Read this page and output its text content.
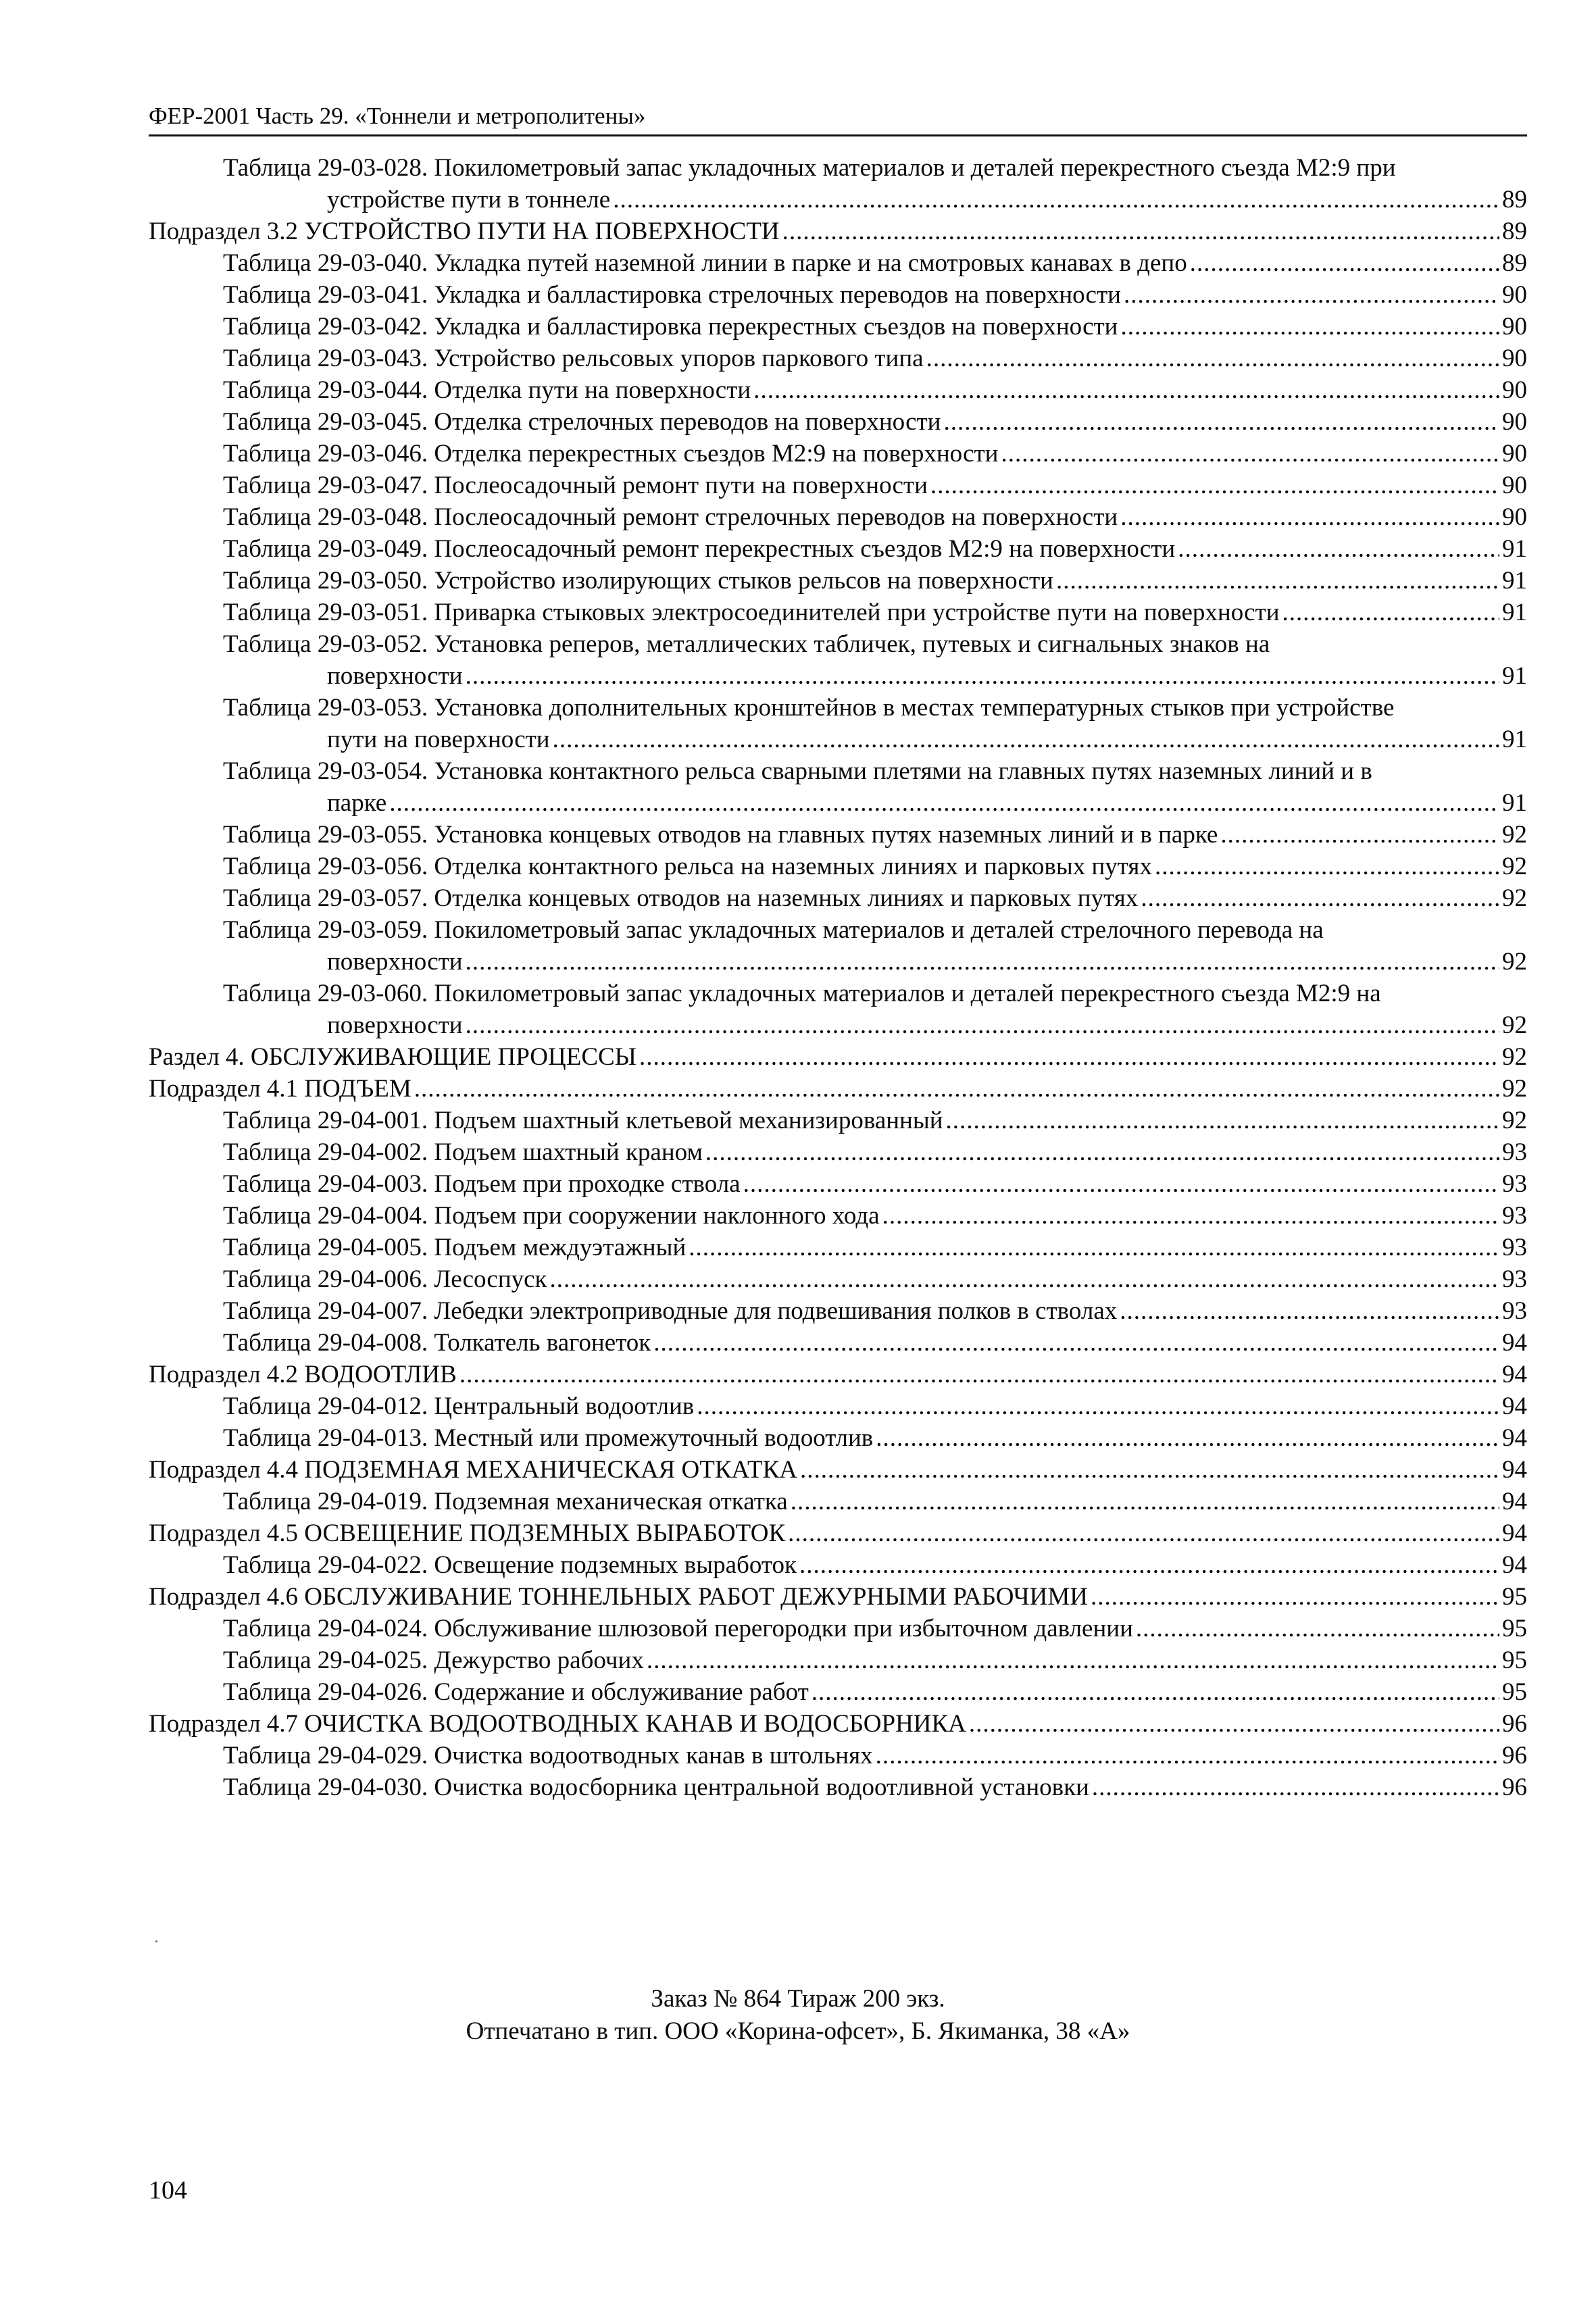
ФЕР-2001 Часть 29. «Тоннели и метрополитены»
Таблица 29-03-028. Покилометровый запас укладочных материалов и деталей перекрестного съезда М2:9 при
устройстве пути в тоннеле .....	89
Подраздел 3.2 УСТРОЙСТВО ПУТИ НА ПОВЕРХНОСТИ .....	89
Таблица 29-03-040. Укладка путей наземной линии в парке и на смотровых канавах в депо .....	89
Таблица 29-03-041. Укладка и балластировка стрелочных переводов на поверхности .....	90
Таблица 29-03-042. Укладка и балластировка перекрестных съездов на поверхности .....	90
Таблица 29-03-043. Устройство рельсовых упоров паркового типа .....	90
Таблица 29-03-044. Отделка пути на поверхности .....	90
Таблица 29-03-045. Отделка стрелочных переводов на поверхности .....	90
Таблица 29-03-046. Отделка перекрестных съездов М2:9 на поверхности .....	90
Таблица 29-03-047. Послеосадочный ремонт пути на поверхности .....	90
Таблица 29-03-048. Послеосадочный ремонт стрелочных переводов на поверхности .....	90
Таблица 29-03-049. Послеосадочный ремонт перекрестных съездов М2:9 на поверхности .....	91
Таблица 29-03-050. Устройство изолирующих стыков рельсов на поверхности .....	91
Таблица 29-03-051. Приварка стыковых электросоединителей при устройстве пути на поверхности .....	91
Таблица 29-03-052. Установка реперов, металлических табличек, путевых и сигнальных знаков на
поверхности .....	91
Таблица 29-03-053. Установка дополнительных кронштейнов в местах температурных стыков при устройстве
пути на поверхности .....	91
Таблица 29-03-054. Установка контактного рельса сварными плетями на главных путях наземных линий и в
парке .....	91
Таблица 29-03-055. Установка концевых отводов на главных путях наземных линий и в парке .....	92
Таблица 29-03-056. Отделка контактного рельса на наземных линиях и парковых путях .....	92
Таблица 29-03-057. Отделка концевых отводов на наземных линиях и парковых путях .....	92
Таблица 29-03-059. Покилометровый запас укладочных материалов и деталей стрелочного перевода на
поверхности .....	92
Таблица 29-03-060. Покилометровый запас укладочных материалов и деталей перекрестного съезда М2:9 на
поверхности .....	92
Раздел 4. ОБСЛУЖИВАЮЩИЕ ПРОЦЕССЫ .....	92
Подраздел 4.1 ПОДЪЕМ .....	92
Таблица 29-04-001. Подъем шахтный клетьевой механизированный .....	92
Таблица 29-04-002. Подъем шахтный краном .....	93
Таблица 29-04-003. Подъем при проходке ствола .....	93
Таблица 29-04-004. Подъем при сооружении наклонного хода .....	93
Таблица 29-04-005. Подъем междуэтажный .....	93
Таблица 29-04-006. Лесоспуск .....	93
Таблица 29-04-007. Лебедки электроприводные для подвешивания полков в стволах .....	93
Таблица 29-04-008. Толкатель вагонеток .....	94
Подраздел 4.2 ВОДООТЛИВ .....	94
Таблица 29-04-012. Центральный водоотлив .....	94
Таблица 29-04-013. Местный или промежуточный водоотлив .....	94
Подраздел 4.4 ПОДЗЕМНАЯ МЕХАНИЧЕСКАЯ ОТКАТКА .....	94
Таблица 29-04-019. Подземная механическая откатка .....	94
Подраздел 4.5 ОСВЕЩЕНИЕ ПОДЗЕМНЫХ ВЫРАБОТОК .....	94
Таблица 29-04-022. Освещение подземных выработок .....	94
Подраздел 4.6 ОБСЛУЖИВАНИЕ ТОННЕЛЬНЫХ РАБОТ ДЕЖУРНЫМИ РАБОЧИМИ .....	95
Таблица 29-04-024. Обслуживание шлюзовой перегородки при избыточном давлении .....	95
Таблица 29-04-025. Дежурство рабочих .....	95
Таблица 29-04-026. Содержание и обслуживание работ .....	95
Подраздел 4.7 ОЧИСТКА ВОДООТВОДНЫХ КАНАВ И ВОДОСБОРНИКА .....	96
Таблица 29-04-029. Очистка водоотводных канав в штольнях .....	96
Таблица 29-04-030. Очистка водосборника центральной водоотливной установки .....	96
Заказ № 864 Тираж 200 экз.
Отпечатано в тип. ООО «Корина-офсет», Б. Якиманка, 38 «А»
104
